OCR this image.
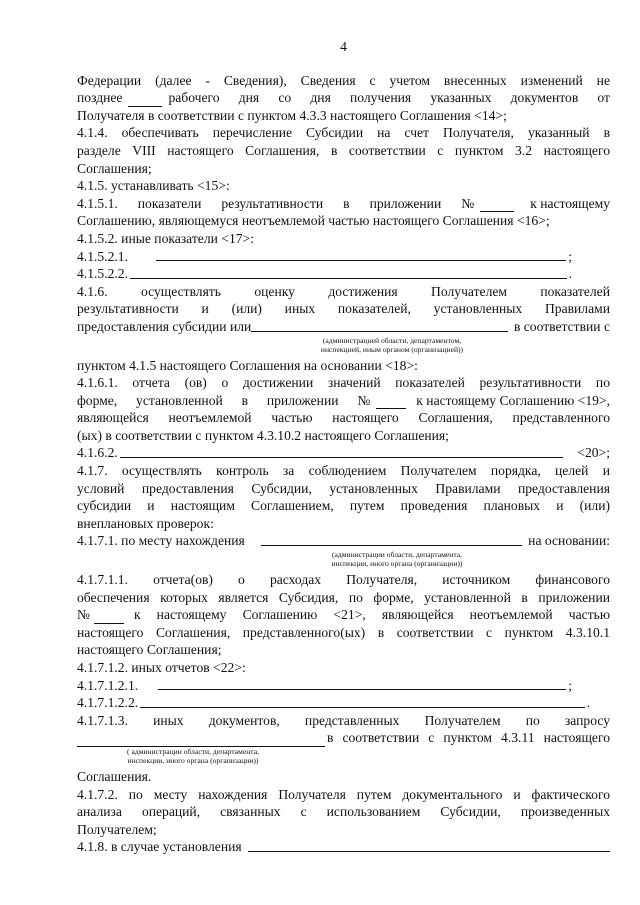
4

Федерации (далее - Сведения), Сведения с учетом внесенных изменений не

позднее	рабочего дня со дня получения указанных документов от

Получателя в соответствии с пунктом 4.3.3 настоящего Соглашения <14>;

4.1.4. обеспечивать перечисление Субсидии на счет Получателя, указанный в

разделе VIII настоящего Соглашения, в соответствии с пунктом 3.2 настоящего

Соглашения;

4.1.5. устанавливать <15>:

4.1.5.1. показатели результативности в приложении №	к настоящему

Соглашению, являющемуся неотъемлемой частью настоящего Соглашения <16>;

4.1.5.2. иные показатели <17>:

4.1.5.2.1.	;
4.1.5.2.2.	.

4.1.6. осуществлять оценку достижения Получателем показателей

результативности и (или) иных показателей, установленных Правилами

предоставления субсидии или	в соответствии с
(администрацией области, департаментом,
инспекцией, иным органом (организацией))

пунктом 4.1.5 настоящего Соглашения на основании <18>:

4.1.6.1. отчета (ов) о достижении значений показателей результативности по

форме, установленной в приложении №	к настоящему Соглашению <19>,

являющейся неотъемлемой частью настоящего Соглашения, представленного

(ых) в соответствии с пунктом 4.3.10.2 настоящего Соглашения;

4.1.6.2.	<20>;

4.1.7. осуществлять контроль за соблюдением Получателем порядка, целей и

условий предоставления Субсидии, установленных Правилами предоставления

субсидии и настоящим Соглашением, путем проведения плановых и (или)

внеплановых проверок:

4.1.7.1. по месту нахождения	на основании:
(администрации области, департамента,
инспекции, иного органа (организации))

4.1.7.1.1. отчета(ов) о расходах Получателя, источником финансового

обеспечения которых является Субсидия, по форме, установленной в приложении

№	к настоящему Соглашению <21>, являющейся неотъемлемой частью

настоящего Соглашения, представленного(ых) в соответствии с пунктом 4.3.10.1

настоящего Соглашения;

4.1.7.1.2. иных отчетов <22>:

4.1.7.1.2.1.	;
4.1.7.1.2.2.	.

4.1.7.1.3. иных документов, представленных Получателем по запросу

в соответствии с пунктом 4.3.11 настоящего
( администрации области, департамента,
инспекции, иного органа (организации))

Соглашения.

4.1.7.2. по месту нахождения Получателя путем документального и фактического

анализа операций, связанных с использованием Субсидии, произведенных

Получателем;

4.1.8. в случае установления
